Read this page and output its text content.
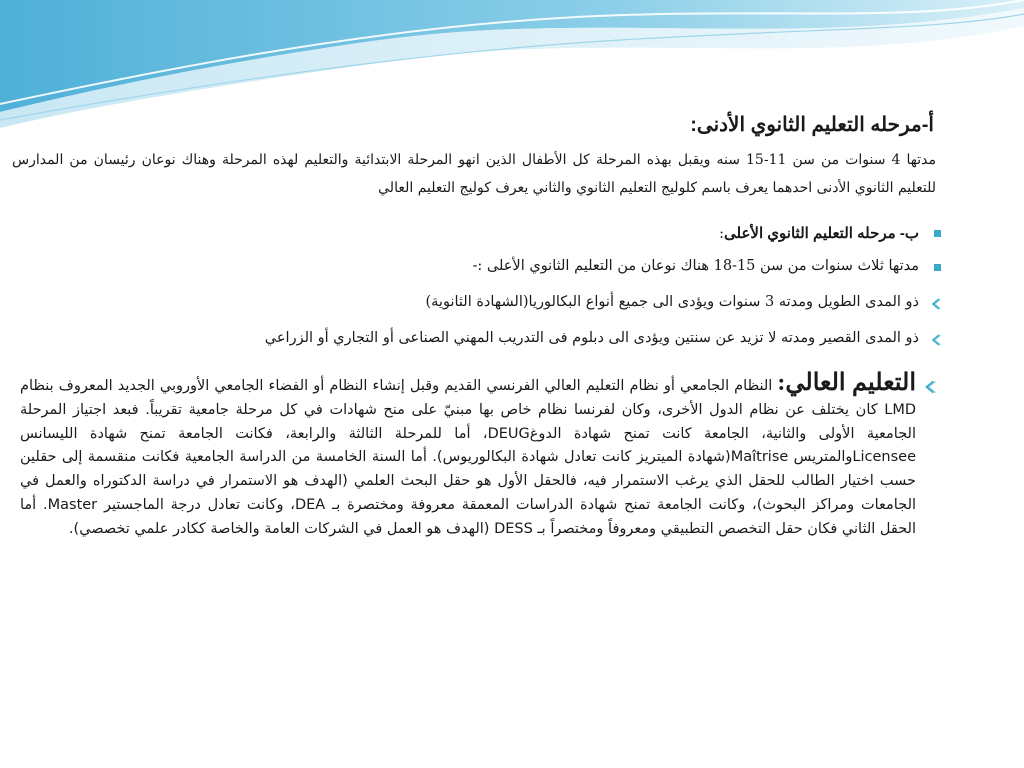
أ-مرحله التعليم الثانوي الأدنى:
مدتها 4 سنوات من سن 11-15 سنه ويقبل بهذه المرحلة كل الأطفال الذين انهو المرحلة الابتدائية والتعليم لهذه المرحلة وهناك نوعان رئيسان من المدارس للتعليم الثانوي الأدنى احدهما يعرف باسم كلوليج التعليم الثانوي والثاني يعرف كوليج التعليم العالي
ب- مرحله التعليم الثانوي الأعلى:
مدتها ثلاث سنوات من سن 15-18 هناك نوعان من التعليم الثانوي الأعلى :-
ذو المدى الطويل ومدته 3 سنوات ويؤدى الى جميع أنواع البكالوريا(الشهادة الثانوية)
ذو المدى القصير ومدته لا تزيد عن سنتين ويؤدى الى دبلوم فى التدريب المهني الصناعى أو التجاري أو الزراعي
التعليم العالي: النظام الجامعي أو نظام التعليم العالي الفرنسي القديم وقبل إنشاء النظام أو الفضاء الجامعي الأوروبي الجديد المعروف بنظام LMD كان يختلف عن نظام الدول الأخرى، وكان لفرنسا نظام خاص بها مبنيّ على منح شهادات في كل مرحلة جامعية تقريباً. فبعد اجتياز المرحلة الجامعية الأولى والثانية، الجامعة كانت تمنح شهادة الدوغDEUG، أما للمرحلة الثالثة والرابعة، فكانت الجامعة تمنح شهادة الليسانس Licenseeوالمتريس Maîtrise(شهادة الميتريز كانت تعادل شهادة البكالوريوس). أما السنة الخامسة من الدراسة الجامعية فكانت منقسمة إلى حقلين حسب اختيار الطالب للحقل الذي يرغب الاستمرار فيه، فالحقل الأول هو حقل البحث العلمي (الهدف هو الاستمرار في دراسة الدكتوراه والعمل في الجامعات ومراكز البحوث)، وكانت الجامعة تمنح شهادة الدراسات المعمقة معروفة ومختصرة بـ DEA، وكانت تعادل درجة الماجستير Master. أما الحقل الثاني فكان حقل التخصص التطبيقي ومعروفاً ومختصراً بـ DESS (الهدف هو العمل في الشركات العامة والخاصة ككادر علمي تخصصي).
